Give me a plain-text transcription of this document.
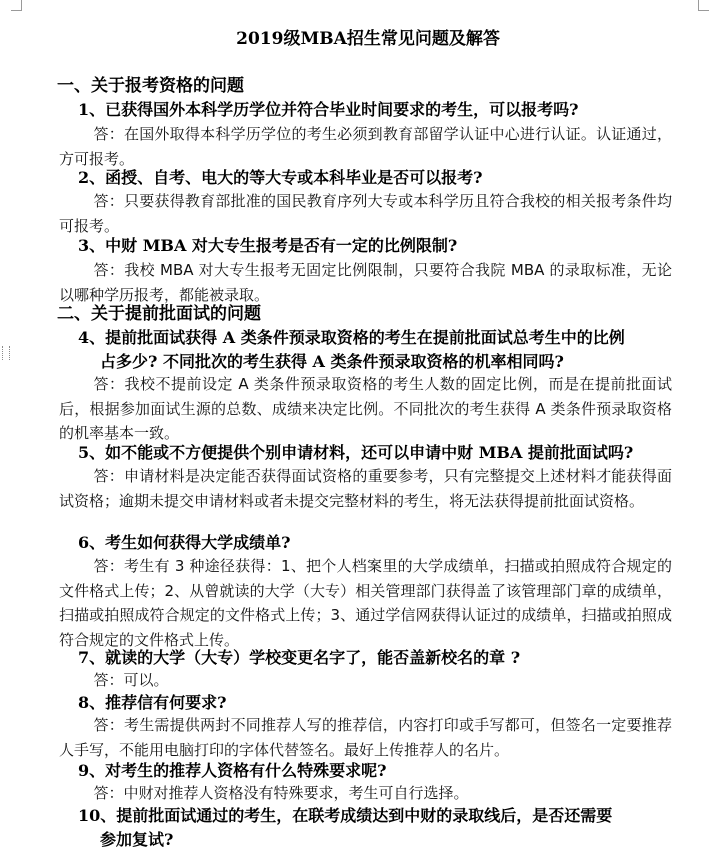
2019级MBA招生常见问题及解答
一、关于报考资格的问题
1、已获得国外本科学历学位并符合毕业时间要求的考生，可以报考吗?
答：在国外取得本科学历学位的考生必须到教育部留学认证中心进行认证。认证通过，方可报考。
2、函授、自考、电大的等大专或本科毕业是否可以报考?
答：只要获得教育部批准的国民教育序列大专或本科学历且符合我校的相关报考条件均可报考。
3、中财 MBA 对大专生报考是否有一定的比例限制?
答：我校 MBA 对大专生报考无固定比例限制，只要符合我院 MBA 的录取标准，无论以哪种学历报考，都能被录取。
二、关于提前批面试的问题
4、提前批面试获得 A 类条件预录取资格的考生在提前批面试总考生中的比例
占多少? 不同批次的考生获得 A 类条件预录取资格的机率相同吗?
答：我校不提前设定 A 类条件预录取资格的考生人数的固定比例，而是在提前批面试后，根据参加面试生源的总数、成绩来决定比例。不同批次的考生获得 A 类条件预录取资格的机率基本一致。
5、如不能或不方便提供个别申请材料，还可以申请中财 MBA 提前批面试吗?
答：申请材料是决定能否获得面试资格的重要参考，只有完整提交上述材料才能获得面试资格；逾期未提交申请材料或者未提交完整材料的考生，将无法获得提前批面试资格。
6、考生如何获得大学成绩单?
答：考生有 3 种途径获得：1、把个人档案里的大学成绩单，扫描或拍照成符合规定的文件格式上传；2、从曾就读的大学（大专）相关管理部门获得盖了该管理部门章的成绩单，扫描或拍照成符合规定的文件格式上传；3、通过学信网获得认证过的成绩单，扫描或拍照成符合规定的文件格式上传。
7、就读的大学（大专）学校变更名字了，能否盖新校名的章 ?
答：可以。
8、推荐信有何要求?
答：考生需提供两封不同推荐人写的推荐信，内容打印或手写都可，但签名一定要推荐人手写，不能用电脑打印的字体代替签名。最好上传推荐人的名片。
9、对考生的推荐人资格有什么特殊要求呢?
答：中财对推荐人资格没有特殊要求，考生可自行选择。
10、提前批面试通过的考生，在联考成绩达到中财的录取线后，是否还需要
参加复试?
